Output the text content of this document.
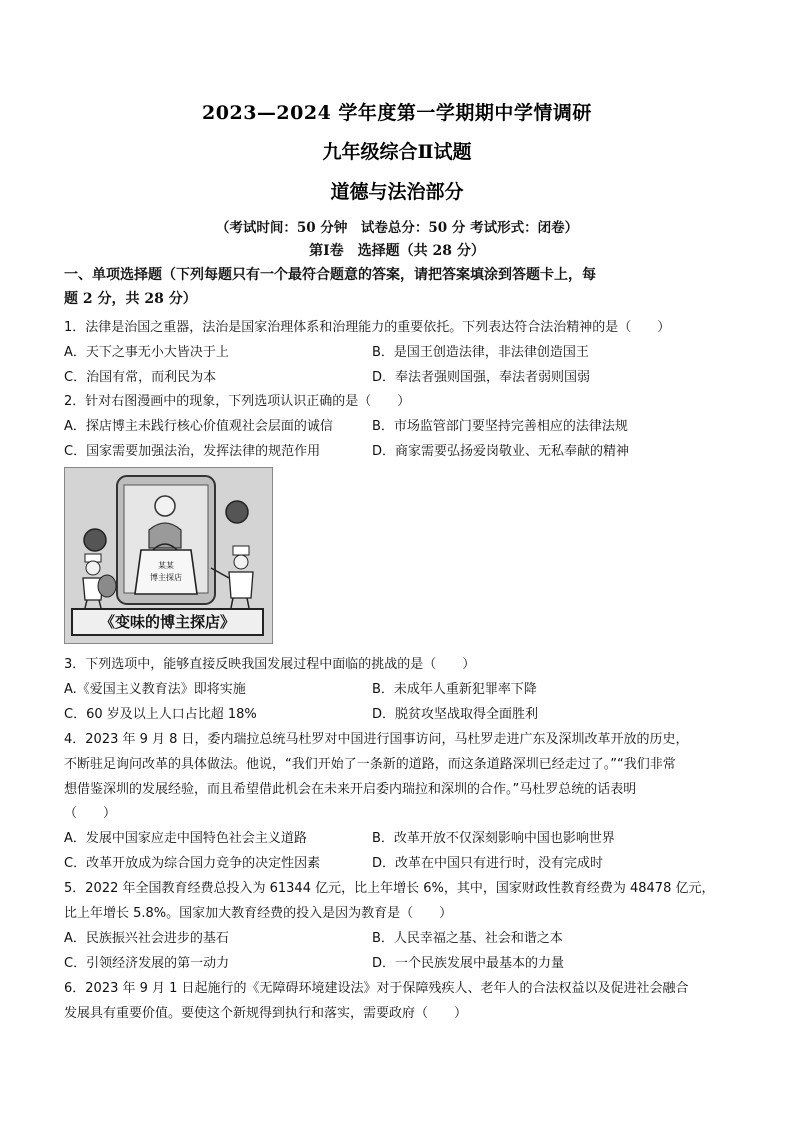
2023—2024 学年度第一学期期中学情调研
九年级综合Ⅱ试题
道德与法治部分
（考试时间：50 分钟　试卷总分：50 分 考试形式：闭卷）
第Ⅰ卷　选择题（共 28 分）
一、单项选择题（下列每题只有一个最符合题意的答案，请把答案填涂到答题卡上，每
题 2 分，共 28 分）
1．法律是治国之重器，法治是国家治理体系和治理能力的重要依托。下列表达符合法治精神的是（　　）
A．天下之事无小大皆决于上	B．是国王创造法律，非法律创造国王
C．治国有常，而利民为本	D．奉法者强则国强，奉法者弱则国弱
2．针对右图漫画中的现象，下列选项认识正确的是（　　）
A．探店博主未践行核心价值观社会层面的诚信	B．市场监管部门要坚持完善相应的法律法规
C．国家需要加强法治，发挥法律的规范作用	D．商家需要弘扬爱岗敬业、无私奉献的精神
某某
博主探店
《变味的博主探店》
3．下列选项中，能够直接反映我国发展过程中面临的挑战的是（　　）
A.《爱国主义教育法》即将实施	B．未成年人重新犯罪率下降
C．60 岁及以上人口占比超 18%	D．脱贫攻坚战取得全面胜利
4．2023 年 9 月 8 日，委内瑞拉总统马杜罗对中国进行国事访问，马杜罗走进广东及深圳改革开放的历史，
不断驻足询问改革的具体做法。他说，“我们开始了一条新的道路，而这条道路深圳已经走过了。”“我们非常
想借鉴深圳的发展经验，而且希望借此机会在未来开启委内瑞拉和深圳的合作。”马杜罗总统的话表明
（　　）
A．发展中国家应走中国特色社会主义道路	B．改革开放不仅深刻影响中国也影响世界
C．改革开放成为综合国力竞争的决定性因素	D．改革在中国只有进行时，没有完成时
5．2022 年全国教育经费总投入为 61344 亿元，比上年增长 6%，其中，国家财政性教育经费为 48478 亿元，
比上年增长 5.8%。国家加大教育经费的投入是因为教育是（　　）
A．民族振兴社会进步的基石	B．人民幸福之基、社会和谐之本
C．引领经济发展的第一动力	D．一个民族发展中最基本的力量
6．2023 年 9 月 1 日起施行的《无障碍环境建设法》对于保障残疾人、老年人的合法权益以及促进社会融合
发展具有重要价值。要使这个新规得到执行和落实，需要政府（　　）
